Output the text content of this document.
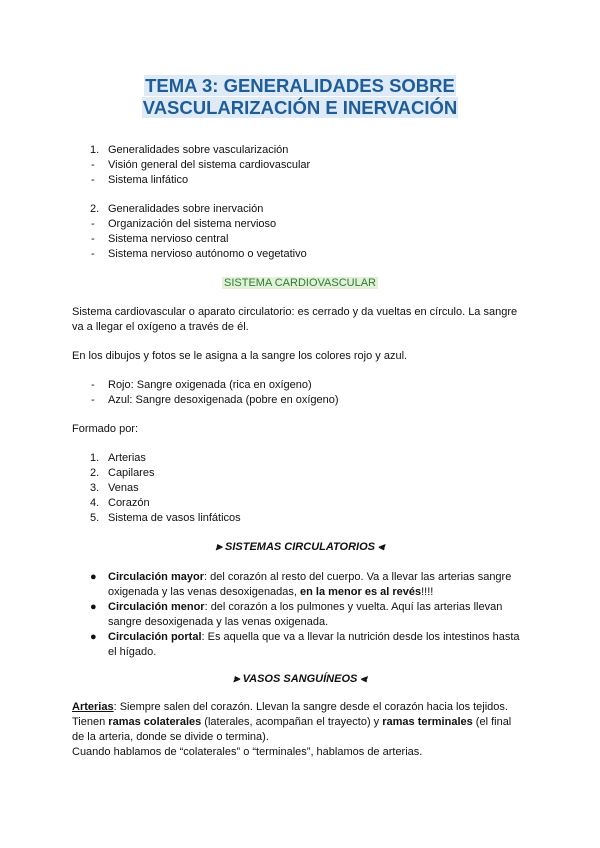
TEMA 3: GENERALIDADES SOBRE
VASCULARIZACIÓN E INERVACIÓN
1. Generalidades sobre vascularización
- Visión general del sistema cardiovascular
- Sistema linfático
2. Generalidades sobre inervación
- Organización del sistema nervioso
- Sistema nervioso central
- Sistema nervioso autónomo o vegetativo
SISTEMA CARDIOVASCULAR
Sistema cardiovascular o aparato circulatorio: es cerrado y da vueltas en círculo. La sangre
va a llegar el oxígeno a través de él.
En los dibujos y fotos se le asigna a la sangre los colores rojo y azul.
- Rojo: Sangre oxigenada (rica en oxígeno)
- Azul: Sangre desoxigenada (pobre en oxígeno)
Formado por:
1. Arterias
2. Capilares
3. Venas
4. Corazón
5. Sistema de vasos linfáticos
⫸ SISTEMAS CIRCULATORIOS ⫷
● Circulación mayor: del corazón al resto del cuerpo. Va a llevar las arterias sangre
oxigenada y las venas desoxigenadas, en la menor es al revés!!!!
● Circulación menor: del corazón a los pulmones y vuelta. Aquí las arterias llevan
sangre desoxigenada y las venas oxigenada.
● Circulación portal: Es aquella que va a llevar la nutrición desde los intestinos hasta
el hígado.
⫸ VASOS SANGUÍNEOS ⫷
Arterias: Siempre salen del corazón. Llevan la sangre desde el corazón hacia los tejidos.
Tienen ramas colaterales (laterales, acompañan el trayecto) y ramas terminales (el final
de la arteria, donde se divide o termina).
Cuando hablamos de “colaterales” o “terminales”, hablamos de arterias.
